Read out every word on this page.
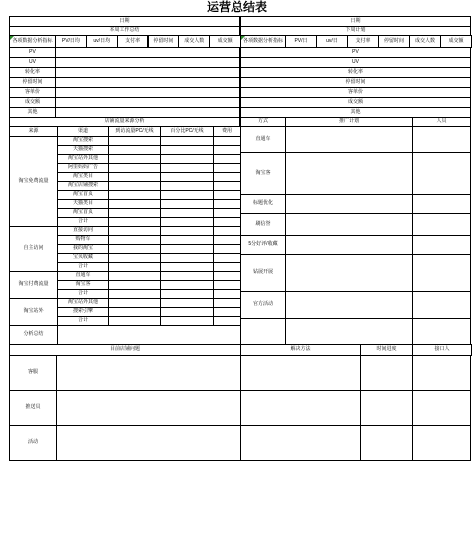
运营总结表
日期
本周工作总结
各项数据分析指标	PV/日均	uv/日均	支付率	停留时间	成交人数	成交额
PV
UV
转化率
停留时间
客单价
成交额
其他
日期
下周计划
各项数据分析指标	PV/日	uv/日	支付率	停留时间	成交人数	成交额
PV
UV
转化率
停留时间
客单价
成交额
其他
店铺流量来源分析
来源	渠道	到访流量PC/无线	百分比PC/无线	费用
淘宝免费流量
淘宝搜索
天猫搜索
淘宝站外其他
阿里妈妈广告
淘宝类目
淘宝店铺搜索
淘宝首页
天猫类目
淘宝首页
合计
自主访问
直接访问
购物车
我的淘宝
宝贝收藏
合计
淘宝付费流量
直通车
淘宝客
合计
淘宝站外
淘宝站外其他
搜索引擎
合计
分析总结
方式	推广计划	人员
直通车
淘宝客
标题优化
刷信誉
5分好评/收藏
钻展开展
官方活动
目前店铺问题	解决方法	时间进度	接口人
客服
推送员
活动
